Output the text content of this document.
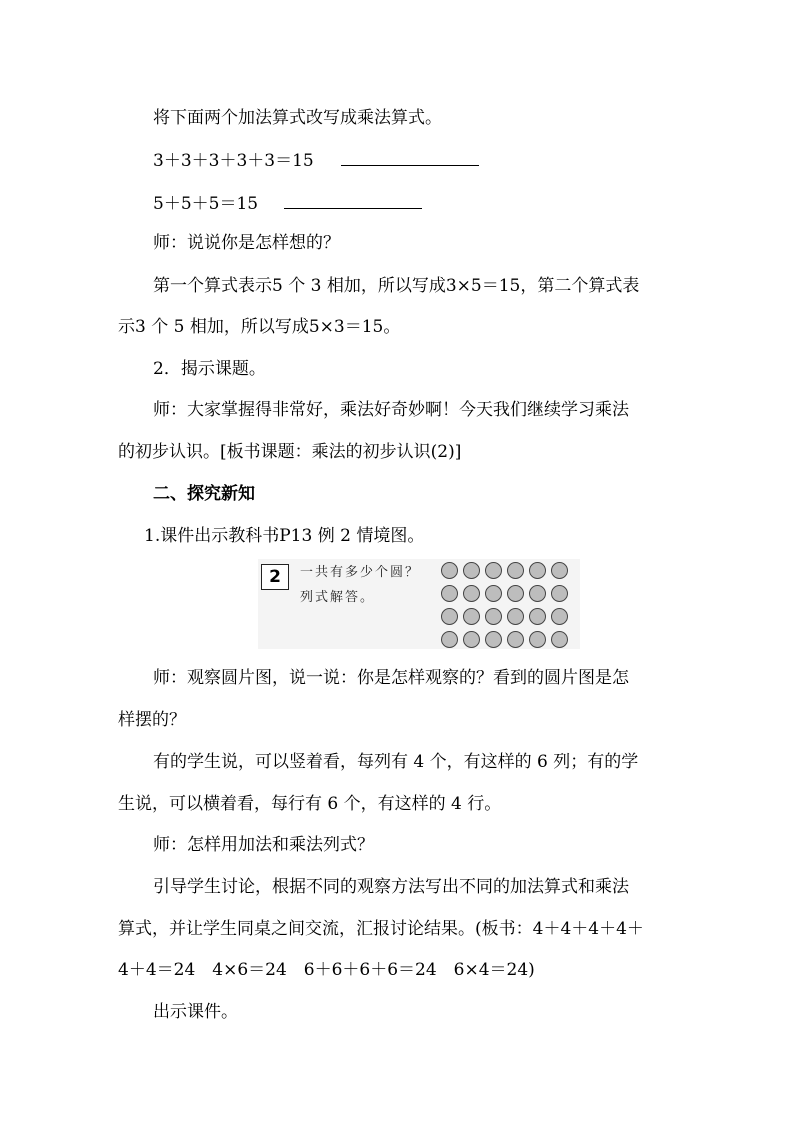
将下面两个加法算式改写成乘法算式。
3＋3＋3＋3＋3＝15
5＋5＋5＝15
师：说说你是怎样想的？
第一个算式表示5 个 3 相加，所以写成3×5＝15，第二个算式表
示3 个 5 相加，所以写成5×3＝15。
2．揭示课题。
师：大家掌握得非常好，乘法好奇妙啊！今天我们继续学习乘法
的初步认识。[板书课题：乘法的初步认识(2)]
二、探究新知
1.课件出示教科书P13 例 2 情境图。
2	一共有多少个圆？
列式解答。
师：观察圆片图，说一说：你是怎样观察的？看到的圆片图是怎
样摆的？
有的学生说，可以竖着看，每列有 4 个，有这样的 6 列；有的学
生说，可以横着看，每行有 6 个，有这样的 4 行。
师：怎样用加法和乘法列式？
引导学生讨论，根据不同的观察方法写出不同的加法算式和乘法
算式，并让学生同桌之间交流，汇报讨论结果。(板书：4＋4＋4＋4＋
4＋4＝24　4×6＝24　6＋6＋6＋6＝24　6×4＝24)
出示课件。
